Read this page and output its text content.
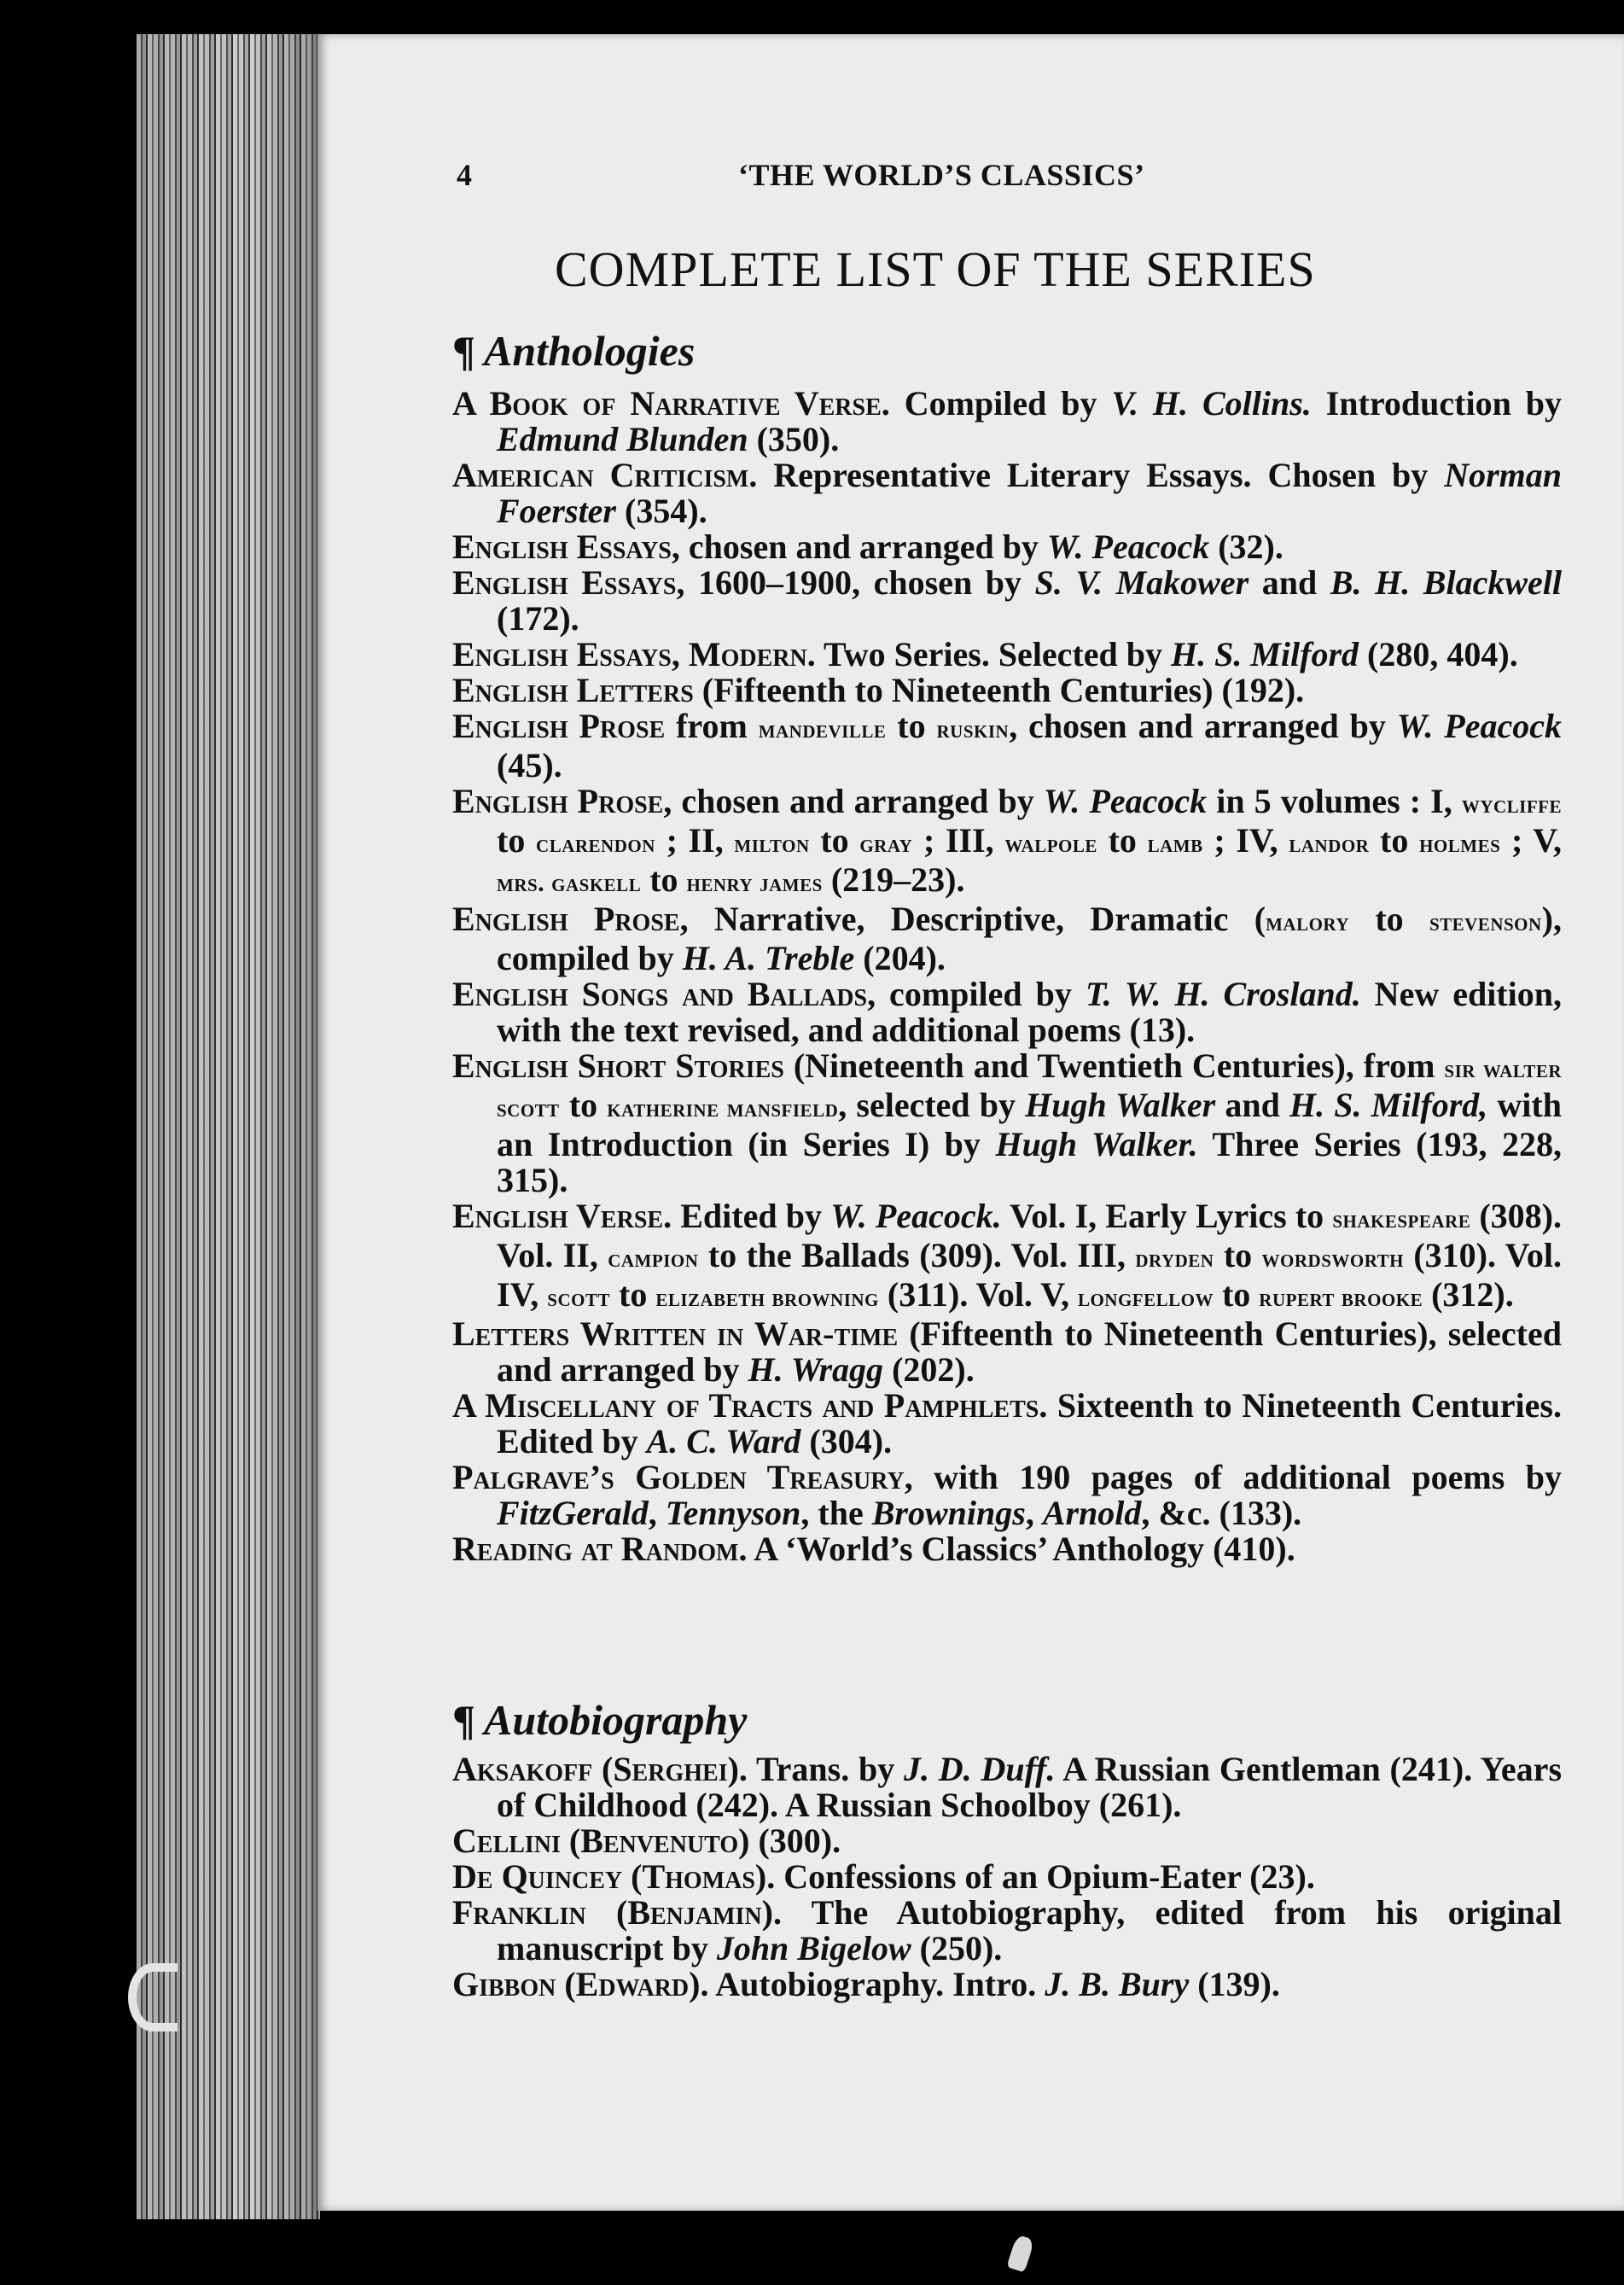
4	‘THE WORLD’S CLASSICS’
COMPLETE LIST OF THE SERIES
¶ Anthologies

A Book of Narrative Verse. Compiled by V. H. Collins. Introduction by Edmund Blunden (350).

American Criticism. Representative Literary Essays. Chosen by Norman Foerster (354).

English Essays, chosen and arranged by W. Peacock (32).

English Essays, 1600–1900, chosen by S. V. Makower and B. H. Blackwell (172).

English Essays, Modern. Two Series. Selected by H. S. Milford (280, 404).

English Letters (Fifteenth to Nineteenth Centuries) (192).

English Prose from mandeville to ruskin, chosen and arranged by W. Peacock (45).

English Prose, chosen and arranged by W. Peacock in 5 volumes : I, wycliffe to clarendon ; II, milton to gray ; III, walpole to lamb ; IV, landor to holmes ; V, mrs. gaskell to henry james (219–23).

English Prose, Narrative, Descriptive, Dramatic (malory to stevenson), compiled by H. A. Treble (204).

English Songs and Ballads, compiled by T. W. H. Crosland. New edition, with the text revised, and additional poems (13).

English Short Stories (Nineteenth and Twentieth Centuries), from sir walter scott to katherine mansfield, selected by Hugh Walker and H. S. Milford, with an Introduction (in Series I) by Hugh Walker. Three Series (193, 228, 315).

English Verse. Edited by W. Peacock. Vol. I, Early Lyrics to shakespeare (308). Vol. II, campion to the Ballads (309). Vol. III, dryden to wordsworth (310). Vol. IV, scott to elizabeth browning (311). Vol. V, longfellow to rupert brooke (312).

Letters Written in War-time (Fifteenth to Nineteenth Centuries), selected and arranged by H. Wragg (202).

A Miscellany of Tracts and Pamphlets. Sixteenth to Nineteenth Centuries. Edited by A. C. Ward (304).

Palgrave’s Golden Treasury, with 190 pages of additional poems by FitzGerald, Tennyson, the Brownings, Arnold, &c. (133).

Reading at Random. A ‘World’s Classics’ Anthology (410).

¶ Autobiography

Aksakoff (Serghei). Trans. by J. D. Duff. A Russian Gentleman (241). Years of Childhood (242). A Russian Schoolboy (261).

Cellini (Benvenuto) (300).

De Quincey (Thomas). Confessions of an Opium-Eater (23).

Franklin (Benjamin). The Autobiography, edited from his original manuscript by John Bigelow (250).

Gibbon (Edward). Autobiography. Intro. J. B. Bury (139).
